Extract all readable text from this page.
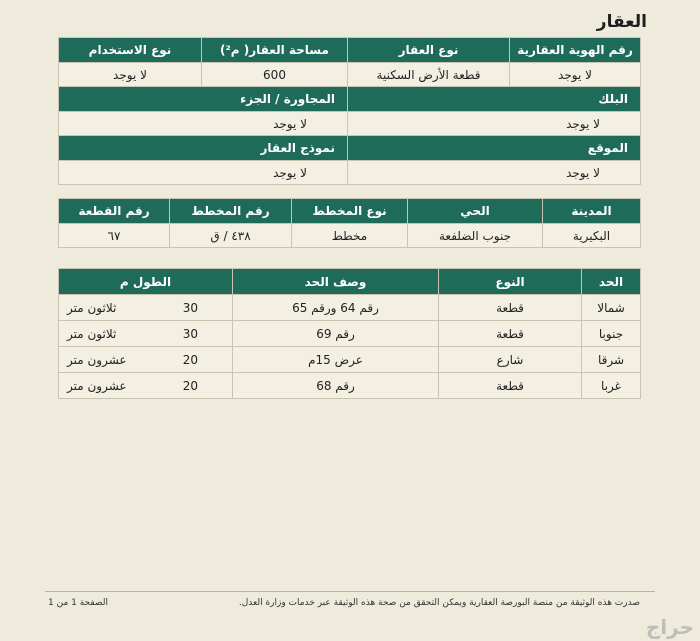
العقار
رقم الهوية العقارية	نوع العقار	مساحة العقار( م²)	نوع الاستخدام
لا يوجد	قطعة الأرض السكنية	600	لا يوجد
البلك		المجاورة / الجزء	
لا يوجد		لا يوجد	
الموقع		نموذج العقار	
لا يوجد		لا يوجد	
المدينة	الحي	نوع المخطط	رقم المخطط	رقم القطعة
البكيرية	جنوب الضلفعة	مخطط	٤٣٨ / ق	٦٧
الحد	النوع	وصف الحد	الطول م
شمالا	قطعة	رقم 64 ورقم 65	ثلاثون متر 30

جنوبا	قطعة	رقم 69	ثلاثون متر 30

شرقا	شارع	عرض 15م	عشرون متر 20

غربا	قطعة	رقم 68	عشرون متر 20
صدرت هذه الوثيقة من منصة البورصة العقارية ويمكن التحقق من صحة هذه الوثيقة عبر خدمات وزارة العدل.
الصفحة 1 من 1
حراج
